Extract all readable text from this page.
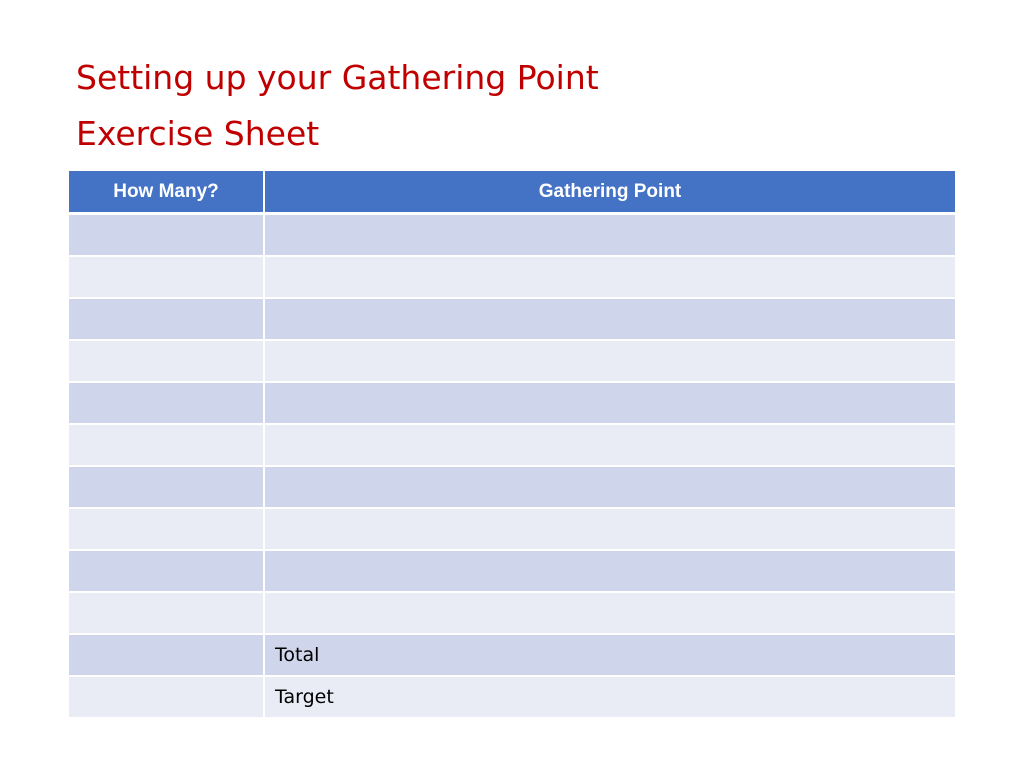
Setting up your Gathering Point
Exercise Sheet
How Many?	Gathering Point

	Total
	Target
